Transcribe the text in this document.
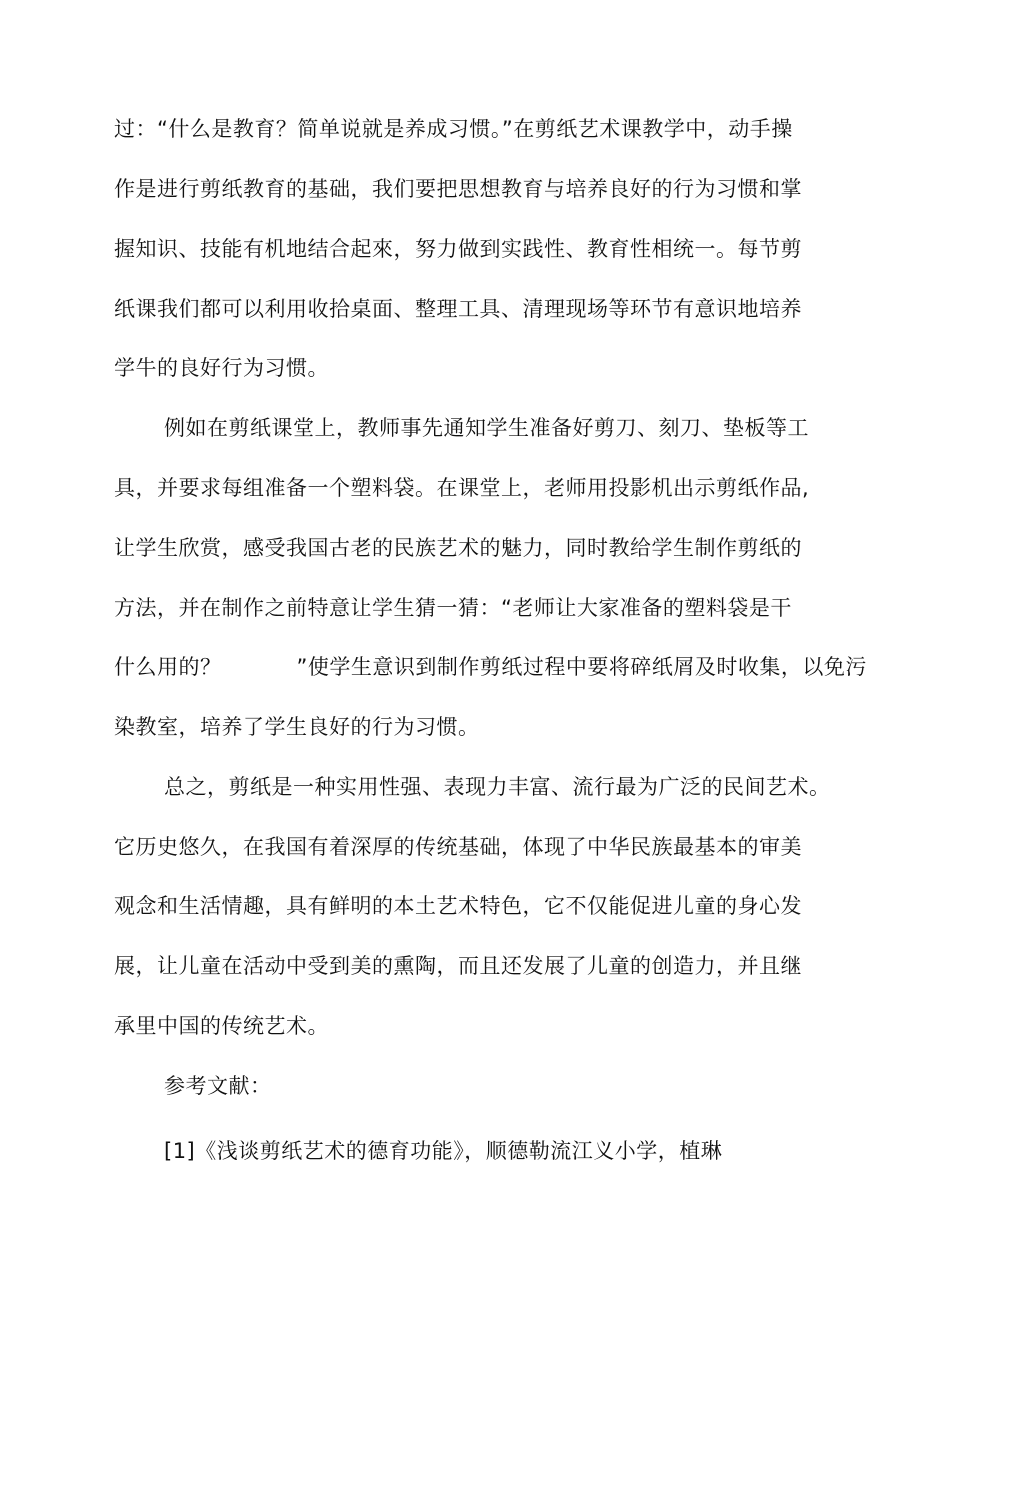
过：“什么是教育？简单说就是养成习惯。”在剪纸艺术课教学中，动手操
作是进行剪纸教育的基础，我们要把思想教育与培养良好的行为习惯和掌
握知识、技能有机地结合起來，努力做到实践性、教育性相统一。每节剪
纸课我们都可以利用收拾桌面、整理工具、清理现场等环节有意识地培养
学牛的良好行为习惯。
例如在剪纸课堂上，教师事先通知学生准备好剪刀、刻刀、垫板等工
具，并要求每组准备一个塑料袋。在课堂上，老师用投影机出示剪纸作品,
让学生欣赏，感受我国古老的民族艺术的魅力，同时教给学生制作剪纸的
方法，并在制作之前特意让学生猜一猜：“老师让大家准备的塑料袋是干
什么用的？	”使学生意识到制作剪纸过程中要将碎纸屑及时收集，以免污
染教室，培养了学生良好的行为习惯。
总之，剪纸是一种实用性强、表现力丰富、流行最为广泛的民间艺术。
它历史悠久，在我国有着深厚的传统基础，体现了中华民族最基本的审美
观念和生活情趣，具有鲜明的本土艺术特色，它不仅能促进儿童的身心发
展，让儿童在活动中受到美的熏陶，而且还发展了儿童的创造力，并且继
承里中国的传统艺术。
参考文献：
[1]《浅谈剪纸艺术的德育功能》，顺德勒流江义小学，植琳
